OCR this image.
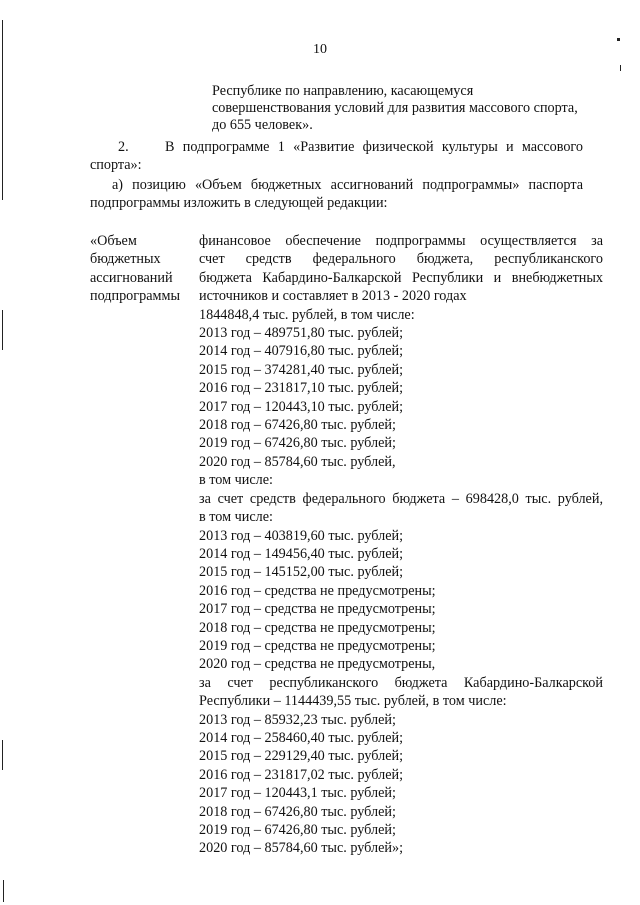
10
Республике по направлению, касающемуся
совершенствования условий для развития массового спорта,
до 655 человек».
2.	В подпрограмме 1 «Развитие физической культуры и массового
спорта»:
а) позицию «Объем бюджетных ассигнований подпрограммы» паспорта
подпрограммы изложить в следующей редакции:
«Объем
бюджетных
ассигнований
подпрограммы
финансовое обеспечение подпрограммы осуществляется за
счет средств федерального бюджета, республиканского
бюджета Кабардино-Балкарской Республики и внебюджетных
источников и составляет в 2013 - 2020 годах
1844848,4 тыс. рублей, в том числе:
2013 год – 489751,80 тыс. рублей;
2014 год – 407916,80 тыс. рублей;
2015 год – 374281,40 тыс. рублей;
2016 год – 231817,10 тыс. рублей;
2017 год – 120443,10 тыс. рублей;
2018 год – 67426,80 тыс. рублей;
2019 год – 67426,80 тыс. рублей;
2020 год – 85784,60 тыс. рублей,
в том числе:
за счет средств федерального бюджета – 698428,0 тыс. рублей,
в том числе:
2013 год – 403819,60 тыс. рублей;
2014 год – 149456,40 тыс. рублей;
2015 год – 145152,00 тыс. рублей;
2016 год – средства не предусмотрены;
2017 год – средства не предусмотрены;
2018 год – средства не предусмотрены;
2019 год – средства не предусмотрены;
2020 год – средства не предусмотрены,
за счет республиканского бюджета Кабардино-Балкарской
Республики – 1144439,55 тыс. рублей, в том числе:
2013 год – 85932,23 тыс. рублей;
2014 год – 258460,40 тыс. рублей;
2015 год – 229129,40 тыс. рублей;
2016 год – 231817,02 тыс. рублей;
2017 год – 120443,1 тыс. рублей;
2018 год – 67426,80 тыс. рублей;
2019 год – 67426,80 тыс. рублей;
2020 год – 85784,60 тыс. рублей»;
